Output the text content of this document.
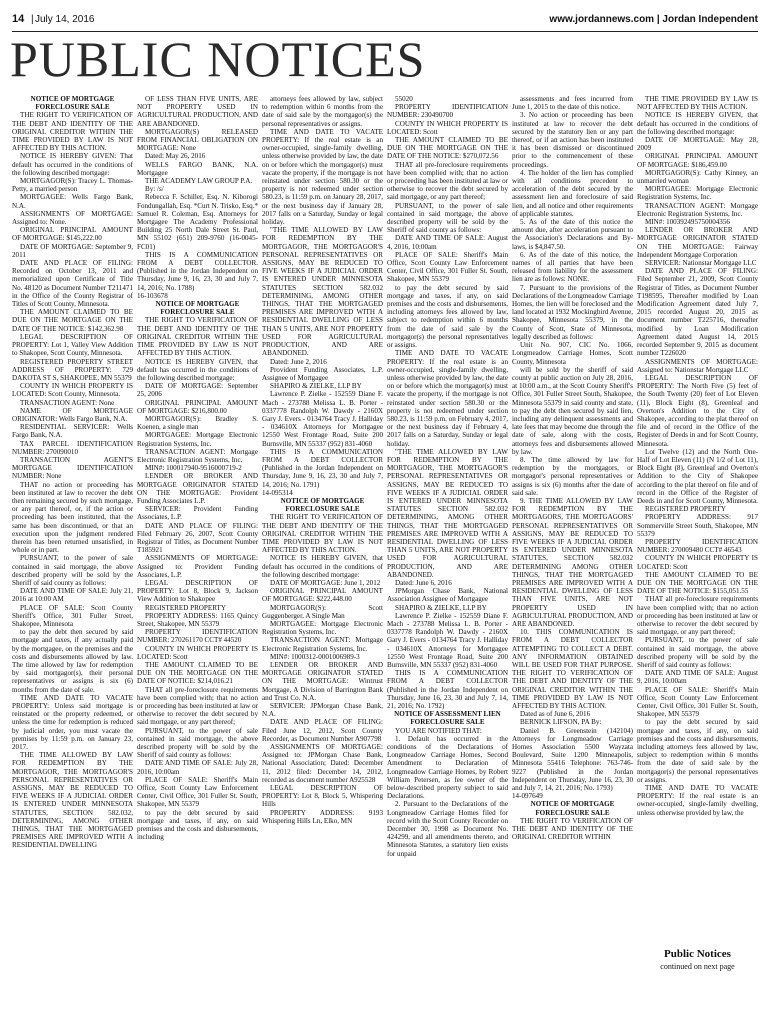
14 | July 14, 2016	www.jordannews.com | Jordan Independent
PUBLIC NOTICES

NOTICE OF MORTGAGE FORECLOSURE SALE

THE RIGHT TO VERIFICATION OF THE DEBT AND IDENTITY OF THE ORIGINAL CREDITOR WITHIN THE TIME PROVIDED BY LAW IS NOT AFFECTED BY THIS ACTION.

NOTICE IS HEREBY GIVEN: That default has occurred in the conditions of the following described mortgage:

MORTGAGOR(S): Tracey L. Thomas-Petty, a married person

MORTGAGEE: Wells Fargo Bank, N.A.

ASSIGNMENTS OF MORTGAGE: Assigned to: None.

ORIGINAL PRINCIPAL AMOUNT OF MORTGAGE: $145,222.00

DATE OF MORTGAGE: September 9, 2011

DATE AND PLACE OF FILING: Recorded on October 13, 2011 and memorialized upon Certificate of Title No. 48120 as Document Number T211471 in the Office of the County Registrar of Titles of Scott County, Minnesota.

THE AMOUNT CLAIMED TO BE DUE ON THE MORTGAGE ON THE DATE OF THE NOTICE: $142,362.98

LEGAL DESCRIPTION OF PROPERTY: Lot 1, Valley View Addition to Shakopee, Scott County, Minnesota.

REGISTERED PROPERTY STREET ADDRESS OF PROPERTY: 729 DAKOTA ST S, SHAKOPEE, MN 55379

COUNTY IN WHICH PROPERTY IS LOCATED: Scott County, Minnesota.

TRANSACTION AGENT: None

NAME OF MORTGAGE ORIGINATOR: Wells Fargo Bank, N.A.

RESIDENTIAL SERVICER: Wells Fargo Bank, N.A.

TAX PARCEL IDENTIFICATION NUMBER: 270090010

TRANSACTION AGENT'S MORTGAGE IDENTIFICATION NUMBER: None

THAT no action or proceeding has been instituted at law to recover the debt then remaining secured by such mortgage, or any part thereof, or, if the action or proceeding has been instituted, that the same has been discontinued, or that an execution upon the judgment rendered therein has been returned unsatisfied, in whole or in part.

PURSUANT, to the power of sale contained in said mortgage, the above described property will be sold by the Sheriff of said county as follows:

DATE AND TIME OF SALE: July 21, 2016 at 10:00 AM

PLACE OF SALE: Scott County Sheriff's Office, 301 Fuller Street, Shakopee, Minnesota

to pay the debt then secured by said mortgage and taxes, if any actually paid by the mortgagee, on the premises and the costs and disbursements allowed by law. The time allowed by law for redemption by said mortgagor(s), their personal representatives or assigns is six (6) months from the date of sale.

TIME AND DATE TO VACATE PROPERTY: Unless said mortgage is reinstated or the property redeemed, or unless the time for redemption is reduced by judicial order, you must vacate the premises by 11:59 p.m. on January 23, 2017.

THE TIME ALLOWED BY LAW FOR REDEMPTION BY THE MORTGAGOR, THE MORTGAGOR'S PERSONAL REPRESENTATIVES OR ASSIGNS, MAY BE REDUCED TO FIVE WEEKS IF A JUDICIAL ORDER IS ENTERED UNDER MINNESOTA STATUTES, SECTION 582.032, DETERMINING, AMONG OTHER THINGS, THAT THE MORTGAGED PREMISES ARE IMPROVED WITH A RESIDENTIAL DWELLING

OF LESS THAN FIVE UNITS, ARE NOT PROPERTY USED IN AGRICULTURAL PRODUCTION, AND ARE ABANDONED.

MORTGAGOR(S) RELEASED FROM FINANCIAL OBLIGATION ON MORTGAGE: None

Dated: May 26, 2016

WELLS FARGO BANK, N.A. Mortgagee

THE ACADEMY LAW GROUP P.A.

By: /s/

Rebecca F. Schiller, Esq. N. Kiborogi Fondungallah, Esq. *Curt N. Trisko, Esq.* Samuel R. Coleman, Esq. Attorneys for Mortgagee The Academy Professional Building 25 North Dale Street St. Paul, MN 55102 (651) 209-9760 (16-0045-FC01)

THIS IS A COMMUNICATION FROM A DEBT COLLECTOR. (Published in the Jordan Independent on Thursday, June 9, 16, 23, 30 and July 7, 14, 2016; No. 1788)

16-103678

NOTICE OF MORTGAGE FORECLOSURE SALE

THE RIGHT TO VERIFICATION OF THE DEBT AND IDENTITY OF THE ORIGINAL CREDITOR WITHIN THE TIME PROVIDED BY LAW IS NOT AFFECTED BY THIS ACTION.

NOTICE IS HEREBY GIVEN, that default has occurred in the conditions of the following described mortgage:

DATE OF MORTGAGE: September 25, 2006

ORIGINAL PRINCIPAL AMOUNT OF MORTGAGE: $216,800.00

MORTGAGOR(S): Bradley S. Koenen, a single man

MORTGAGEE: Mortgage Electronic Registration Systems, Inc.

TRANSACTION AGENT: Mortgage Electronic Registration Systems, Inc.

MIN#: 100017940-9516000719-2

LENDER OR BROKER AND MORTGAGE ORIGINATOR STATED ON THE MORTGAGE: Provident Funding Associates L.P.

SERVICER: Provident Funding Associates, L.P.

DATE AND PLACE OF FILING: Filed February 26, 2007, Scott County Registrar of Titles, as Document Number T185921

ASSIGNMENTS OF MORTGAGE: Assigned to: Provident Funding Associates, L.P.

LEGAL DESCRIPTION OF PROPERTY: Lot 8, Block 9, Jackson View Addition to Shakopee

REGISTERED PROPERTY

PROPERTY ADDRESS: 1165 Quincy Street, Shakopee, MN 55379

PROPERTY IDENTIFICATION NUMBER: 270261170 CCT# 44520

COUNTY IN WHICH PROPERTY IS LOCATED: Scott

THE AMOUNT CLAIMED TO BE DUE ON THE MORTGAGE ON THE DATE OF NOTICE: $214,016.21

THAT all pre-foreclosure requirements have been complied with; that no action or proceeding has been instituted at law or otherwise to recover the debt secured by said mortgage, or any part thereof;

PURSUANT, to the power of sale contained in said mortgage, the above described property will be sold by the Sheriff of said county as follows:

DATE AND TIME OF SALE: July 28, 2016, 10:00am

PLACE OF SALE: Sheriff's Main Office, Scott County Law Enforcement Center, Civil Office, 301 Fuller St. South, Shakopee, MN 55379

to pay the debt secured by said mortgage and taxes, if any, on said premises and the costs and disbursements, including

attorneys fees allowed by law, subject to redemption within 6 months from the date of said sale by the mortgagor(s) the personal representatives or assigns.

TIME AND DATE TO VACATE PROPERTY: If the real estate is an owner-occupied, single-family dwelling, unless otherwise provided by law, the date on or before which the mortgagor(s) must vacate the property, if the mortgage is not reinstated under section 580.30 or the property is not redeemed under section 580.23, is 11:59 p.m. on January 28, 2017, or the next business day if January 28, 2017 falls on a Saturday, Sunday or legal holiday.

"THE TIME ALLOWED BY LAW FOR REDEMPTION BY THE MORTGAGOR, THE MORTGAGOR'S PERSONAL REPRESENTATIVES OR ASSIGNS, MAY BE REDUCED TO FIVE WEEKS IF A JUDICIAL ORDER IS ENTERED UNDER MINNESOTA STATUTES SECTION 582.032 DETERMINING, AMONG OTHER THINGS, THAT THE MORTGAGED PREMISES ARE IMPROVED WITH A RESIDENTIAL DWELLING OF LESS THAN 5 UNITS, ARE NOT PROPERTY USED FOR AGRICULTURAL PRODUCTION, AND ARE ABANDONED.

Dated: June 2, 2016

Provident Funding Associates, L.P. Assignee of Mortgagee

SHAPIRO & ZIELKE, LLP BY

Lawrence P. Zielke - 152559 Diane F. Mach - 273788 Melissa L. B. Porter - 0337778 Randolph W. Dawdy - 2160X Gary J. Evers - 0134764 Tracy J. Halliday - 034610X Attorneys for Mortgagee 12550 West Frontage Road, Suite 200 Burnsville, MN 55337 (952) 831-4060

THIS IS A COMMUNICATION FROM A DEBT COLLECTOR (Published in the Jordan Independent on Thursday, June 9, 16, 23, 30 and July 7, 14, 2016; No. 1791)

14-095314

NOTICE OF MORTGAGE FORECLOSURE SALE

THE RIGHT TO VERIFICATION OF THE DEBT AND IDENTITY OF THE ORIGINAL CREDITOR WITHIN THE TIME PROVIDED BY LAW IS NOT AFFECTED BY THIS ACTION.

NOTICE IS HEREBY GIVEN, that default has occurred in the conditions of the following described mortgage:

DATE OF MORTGAGE: June 1, 2012

ORIGINAL PRINCIPAL AMOUNT OF MORTGAGE: $222,448.00

MORTGAGOR(S): Scott Guggenberger, A Single Man

MORTGAGEE: Mortgage Electronic Registration Systems, Inc.

TRANSACTION AGENT: Mortgage Electronic Registration Systems, Inc.

MIN#: 1000312-0001006989-3

LENDER OR BROKER AND MORTGAGE ORIGINATOR STATED ON THE MORTGAGE: Wintrust Mortgage, A Division of Barrington Bank and Trust Co. N.A.

SERVICER: JPMorgan Chase Bank, N.A.

DATE AND PLACE OF FILING: Filed June 12, 2012, Scott County Recorder, as Document Number A907798

ASSIGNMENTS OF MORTGAGE: Assigned to: JPMorgan Chase Bank, National Association; Dated: December 11, 2012 filed: December 14, 2012, recorded as document number A925528

LEGAL DESCRIPTION OF PROPERTY: Lot 8, Block 5, Whispering Hills

PROPERTY ADDRESS: 9193 Whispering Hills Ln, Elko, MN

55020

PROPERTY IDENTIFICATION NUMBER: 230490700

COUNTY IN WHICH PROPERTY IS LOCATED: Scott

THE AMOUNT CLAIMED TO BE DUE ON THE MORTGAGE ON THE DATE OF THE NOTICE: $270,072.56

THAT all pre-foreclosure requirements have been complied with; that no action or proceeding has been instituted at law or otherwise to recover the debt secured by said mortgage, or any part thereof;

PURSUANT, to the power of sale contained in said mortgage, the above described property will be sold by the Sheriff of said county as follows:

DATE AND TIME OF SALE: August 4, 2016, 10:00am

PLACE OF SALE: Sheriff's Main Office, Scott County Law Enforcement Center, Civil Office, 301 Fuller St. South, Shakopee, MN 55379

to pay the debt secured by said mortgage and taxes, if any, on said premises and the costs and disbursements, including attorneys fees allowed by law, subject to redemption within 6 months from the date of said sale by the mortgagor(s) the personal representatives or assigns.

TIME AND DATE TO VACATE PROPERTY: If the real estate is an owner-occupied, single-family dwelling, unless otherwise provided by law, the date on or before which the mortgagor(s) must vacate the property, if the mortgage is not reinstated under section 580.30 or the property is not redeemed under section 580.23, is 11:59 p.m. on February 4, 2017, or the next business day if February 4, 2017 falls on a Saturday, Sunday or legal holiday.

"THE TIME ALLOWED BY LAW FOR REDEMPTION BY THE MORTGAGOR, THE MORTGAGOR'S PERSONAL REPRESENTATIVES OR ASSIGNS, MAY BE REDUCED TO FIVE WEEKS IF A JUDICIAL ORDER IS ENTERED UNDER MINNESOTA STATUTES SECTION 582.032 DETERMINING, AMONG OTHER THINGS, THAT THE MORTGAGED PREMISES ARE IMPROVED WITH A RESIDENTIAL DWELLING OF LESS THAN 5 UNITS, ARE NOT PROPERTY USED FOR AGRICULTURAL PRODUCTION, AND ARE ABANDONED.

Dated: June 6, 2016

JPMorgan Chase Bank, National Association Assignee of Mortgagee

SHAPIRO & ZIELKE, LLP BY

Lawrence P. Zielke - 152559 Diane F. Mach - 273788 Melissa L. B. Porter - 0337778 Randolph W. Dawdy - 2160X Gary J. Evers - 0134764 Tracy J. Halliday - 034610X Attorneys for Mortgagee 12550 West Frontage Road, Suite 200 Burnsville, MN 55337 (952) 831-4060

THIS IS A COMMUNICATION FROM A DEBT COLLECTOR (Published in the Jordan Independent on Thursday, June 16, 23, 30 and July 7, 14, 21, 2016; No. 1792)

NOTICE OF ASSESSMENT LIEN FORECLOSURE SALE

YOU ARE NOTIFIED THAT:

1. Default has occurred in the conditions of the Declarations of Longmeadow Carriage Homes, Second Amendment to Declaration of Longmeadow Carriage Homes, by Robert William Petersen, as fee owner of the below-described property subject to said Declarations.

2. Pursuant to the Declarations of the Longmeadow Carriage Homes filed for record with the Scott County Recorder on December 30, 1998 as Document No. 424299, and all amendments thereto, and Minnesota Statutes, a statutory lien exists for unpaid

assessments and fees incurred from June 1, 2015 to the date of this notice.

3. No action or proceeding has been instituted at law to recover the debt secured by the statutory lien or any part thereof, or if an action has been instituted it has been dismissed or discontinued prior to the commencement of these proceedings.

4. The holder of the lien has complied with all conditions precedent to acceleration of the debt secured by the assessment lien and foreclosure of said lien, and all notice and other requirements of applicable statutes.

5. As of the date of this notice the amount due, after acceleration pursuant to the Association's Declarations and By-laws, is $4,847.50.

6. As of the date of this notice, the names of all parties that have been released from liability for the assessment lien are as follows: NONE.

7. Pursuant to the provisions of the Declarations of the Longmeadow Carriage Homes, the lien will be foreclosed and the land located at 1932 Mockingbird Avenue, Shakopee, Minnesota 55379, in the County of Scott, State of Minnesota, legally described as follows:

Unit No. 907, CIC No. 1066, Longmeadow Carriage Homes, Scott County, Minnesota

will be sold by the sheriff of said county at public auction on July 28, 2016, at 10:00 a.m., at the Scott County Sheriff's Office, 301 Fuller Street South, Shakopee, Minnesota 55379 in said county and state, to pay the debt then secured by said lien, including any delinquent assessments and late fees that may become due through the date of sale, along with the costs, attorneys fees and disbursements allowed by law.

8. The time allowed by law for redemption by the mortgagors, or mortgagor's personal representatives or assigns is six (6) months after the date of said sale.

9. THE TIME ALLOWED BY LAW FOR REDEMPTION BY THE MORTGAGORS, THE MORTGAGORS' PERSONAL REPRESENTATIVES OR ASSIGNS, MAY BE REDUCED TO FIVE WEEKS IF A JUDICIAL ORDER IS ENTERED UNDER MINNESOTA STATUTES, SECTION 582.032 DETERMINING AMONG OTHER THINGS, THAT THE MORTGAGED PREMISES ARE IMPROVED WITH A RESIDENTIAL DWELLING OF LESS THAN FIVE UNITS, ARE NOT PROPERTY USED IN AGRICULTURAL PRODUCTION, AND ARE ABANDONED.

10. THIS COMMUNICATION IS FROM A DEBT COLLECTOR ATTEMPTING TO COLLECT A DEBT. ANY INFORMATION OBTAINED WILL BE USED FOR THAT PURPOSE. THE RIGHT TO VERIFICATION OF THE DEBT AND IDENTITY OF THE ORIGINAL CREDITOR WITHIN THE TIME PROVIDED BY LAW IS NOT AFFECTED BY THIS ACTION.

Dated as of June 6, 2016

BERNICK LIFSON, PA By:

Daniel B. Greenstein (142104) Attorneys for Longmeadow Carriage Homes Association 5500 Wayzata Boulevard, Suite 1200 Minneapolis, Minnesota 55416 Telephone: 763-746-9227 (Published in the Jordan Independent on Thursday, June 16, 23, 30 and July 7, 14, 21, 2016; No. 1793)

14-097649

NOTICE OF MORTGAGE FORECLOSURE SALE

THE RIGHT TO VERIFICATION OF THE DEBT AND IDENTITY OF THE ORIGINAL CREDITOR WITHIN

THE TIME PROVIDED BY LAW IS NOT AFFECTED BY THIS ACTION.

NOTICE IS HEREBY GIVEN, that default has occurred in the conditions of the following described mortgage:

DATE OF MORTGAGE: May 28, 2009

ORIGINAL PRINCIPAL AMOUNT OF MORTGAGE: $186,459.00

MORTGAGOR(S): Cathy Kinney, an unmarried woman

MORTGAGEE: Mortgage Electronic Registration Systems, Inc.

TRANSACTION AGENT: Mortgage Electronic Registration Systems, Inc.

MIN#: 100392495750004356

LENDER OR BROKER AND MORTGAGE ORIGINATOR STATED ON THE MORTGAGE: Fairway Independent Mortgage Corporation

SERVICER: Nationstar Mortgage LLC

DATE AND PLACE OF FILING: Filed September 21, 2009, Scott County Registrar of Titles, as Document Number T198595, Thereafter modified by Loan Modification Agreement dated July 7, 2015 recorded August 20, 2015 as document number T225716, thereafter modified by Loan Modification Agreement dated August 14, 2015 recorded September 9, 2015 as document number T226020

ASSIGNMENTS OF MORTGAGE: Assigned to: Nationstar Mortgage LLC

LEGAL DESCRIPTION OF PROPERTY: The North Five (5) feet of the South Twenty (20) feet of Lot Eleven (11), Block Eight (8), Greenleaf and Overton's Addition to the City of Shakopee, according to the plat thereof on file and of record in the Office of the Register of Deeds in and for Scott County, Minnesota.

Lot Twelve (12) and the North One-Half of Lot Eleven (11) (N 1/2 of Lot 11), Block Eight (8), Greenleaf and Overton's Addition to the City of Shakopee according to the plat thereof on file and of record in the Office of the Register of Deeds in and for Scott County, Minnesota.

REGISTERED PROPERTY

PROPERTY ADDRESS: 917 Sommerville Street South, Shakopee, MN 55379

PROPERTY IDENTIFICATION NUMBER: 270009480 CCT# 46543

COUNTY IN WHICH PROPERTY IS LOCATED: Scott

THE AMOUNT CLAIMED TO BE DUE ON THE MORTGAGE ON THE DATE OF THE NOTICE: $155,051.55

THAT all pre-foreclosure requirements have been complied with; that no action or proceeding has been instituted at law or otherwise to recover the debt secured by said mortgage, or any part thereof;

PURSUANT, to the power of sale contained in said mortgage, the above described property will be sold by the Sheriff of said county as follows:

DATE AND TIME OF SALE: August 9, 2016, 10:00am

PLACE OF SALE: Sheriff's Main Office, Scott County Law Enforcement Center, Civil Office, 301 Fuller St. South, Shakopee, MN 55379

to pay the debt secured by said mortgage and taxes, if any, on said premises and the costs and disbursements, including attorneys fees allowed by law, subject to redemption within 6 months from the date of said sale by the mortgagor(s) the personal representatives or assigns.

TIME AND DATE TO VACATE PROPERTY: If the real estate is an owner-occupied, single-family dwelling, unless otherwise provided by law, the

Public Notices
continued on next page
